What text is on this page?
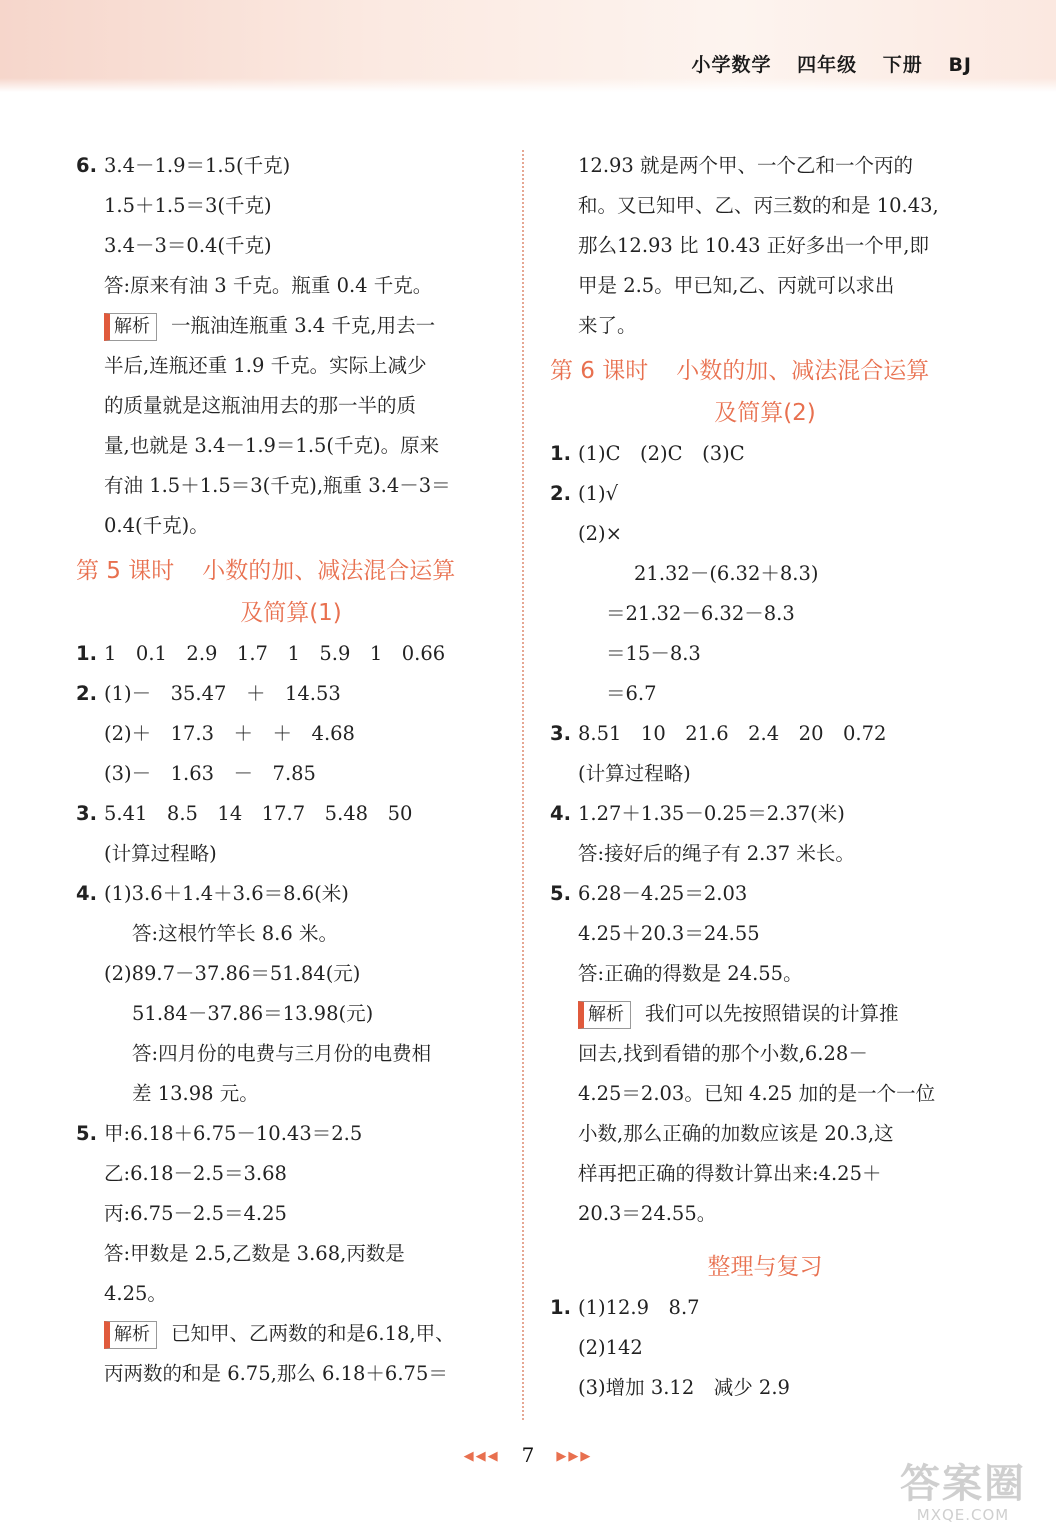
小学数学 四年级 下册 BJ
6. 3.4－1.9＝1.5(千克)
1.5＋1.5＝3(千克)
3.4－3＝0.4(千克)
答:原来有油 3 千克。瓶重 0.4 千克。
解析 一瓶油连瓶重 3.4 千克,用去一
半后,连瓶还重 1.9 千克。实际上减少
的质量就是这瓶油用去的那一半的质
量,也就是 3.4－1.9＝1.5(千克)。原来
有油 1.5＋1.5＝3(千克),瓶重 3.4－3＝
0.4(千克)。
第 5 课时 小数的加、减法混合运算
及简算(1)
1. 1　0.1　2.9　1.7　1　5.9　1　0.66
2. (1)－　35.47　＋　14.53
(2)＋　17.3　＋　＋　4.68
(3)－　1.63　－　7.85
3. 5.41　8.5　14　17.7　5.48　50
(计算过程略)
4. (1)3.6＋1.4＋3.6＝8.6(米)
答:这根竹竿长 8.6 米。
(2)89.7－37.86＝51.84(元)
51.84－37.86＝13.98(元)
答:四月份的电费与三月份的电费相
差 13.98 元。
5. 甲:6.18＋6.75－10.43＝2.5
乙:6.18－2.5＝3.68
丙:6.75－2.5＝4.25
答:甲数是 2.5,乙数是 3.68,丙数是
4.25。
解析 已知甲、乙两数的和是6.18,甲、
丙两数的和是 6.75,那么 6.18＋6.75＝
12.93 就是两个甲、一个乙和一个丙的
和。又已知甲、乙、丙三数的和是 10.43,
那么12.93 比 10.43 正好多出一个甲,即
甲是 2.5。甲已知,乙、丙就可以求出
来了。
第 6 课时 小数的加、减法混合运算
及简算(2)
1. (1)C　(2)C　(3)C
2. (1)√
(2)×
21.32－(6.32＋8.3)
＝21.32－6.32－8.3
＝15－8.3
＝6.7
3. 8.51　10　21.6　2.4　20　0.72
(计算过程略)
4. 1.27＋1.35－0.25＝2.37(米)
答:接好后的绳子有 2.37 米长。
5. 6.28－4.25＝2.03
4.25＋20.3＝24.55
答:正确的得数是 24.55。
解析 我们可以先按照错误的计算推
回去,找到看错的那个小数,6.28－
4.25＝2.03。已知 4.25 加的是一个一位
小数,那么正确的加数应该是 20.3,这
样再把正确的得数计算出来:4.25＋
20.3＝24.55。
整理与复习
1. (1)12.9　8.7
(2)142
(3)增加 3.12　减少 2.9
◀◀◀ 7 ▶▶▶
答案圈
MXQE.COM
